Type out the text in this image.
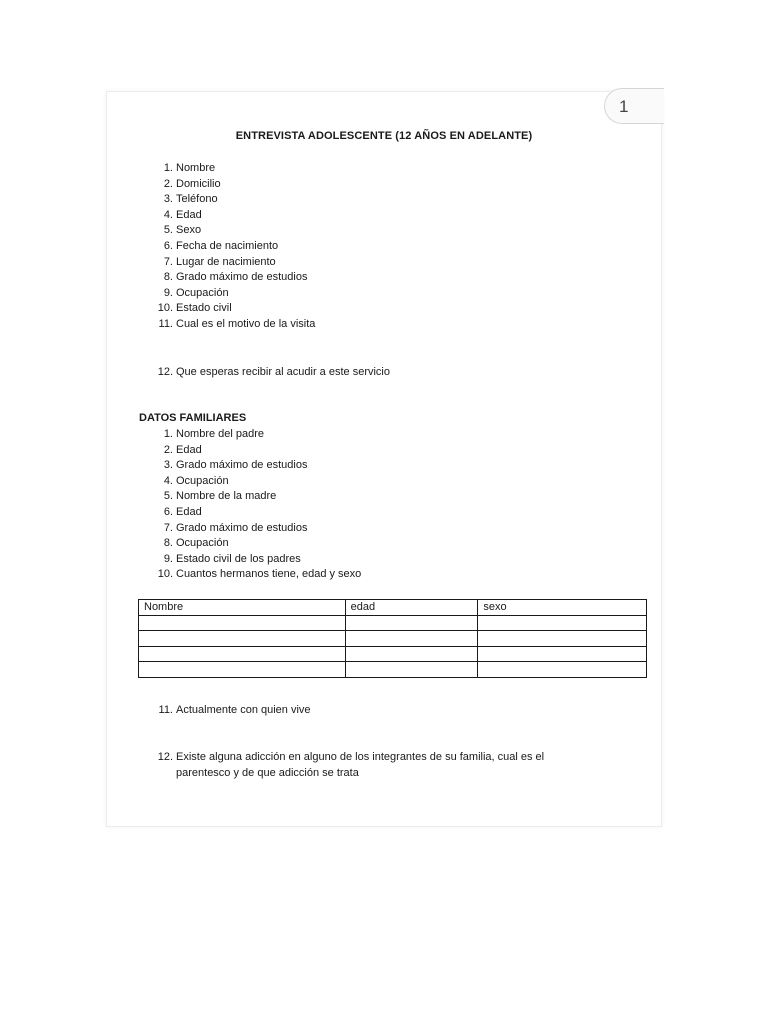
1
ENTREVISTA ADOLESCENTE (12 AÑOS EN ADELANTE)
1. Nombre
2. Domicilio
3. Teléfono
4. Edad
5. Sexo
6. Fecha de nacimiento
7. Lugar de nacimiento
8. Grado máximo de estudios
9. Ocupación
10. Estado civil
11. Cual es el motivo de la visita
12. Que esperas recibir al acudir a este servicio
DATOS FAMILIARES
1. Nombre del padre
2. Edad
3. Grado máximo de estudios
4. Ocupación
5. Nombre de la madre
6. Edad
7. Grado máximo de estudios
8. Ocupación
9. Estado civil de los padres
10. Cuantos hermanos tiene, edad y sexo
Nombre	edad	sexo

11. Actualmente con quien vive
12. Existe alguna adicción en alguno de los integrantes de su familia, cual es el
parentesco y de que adicción se trata
